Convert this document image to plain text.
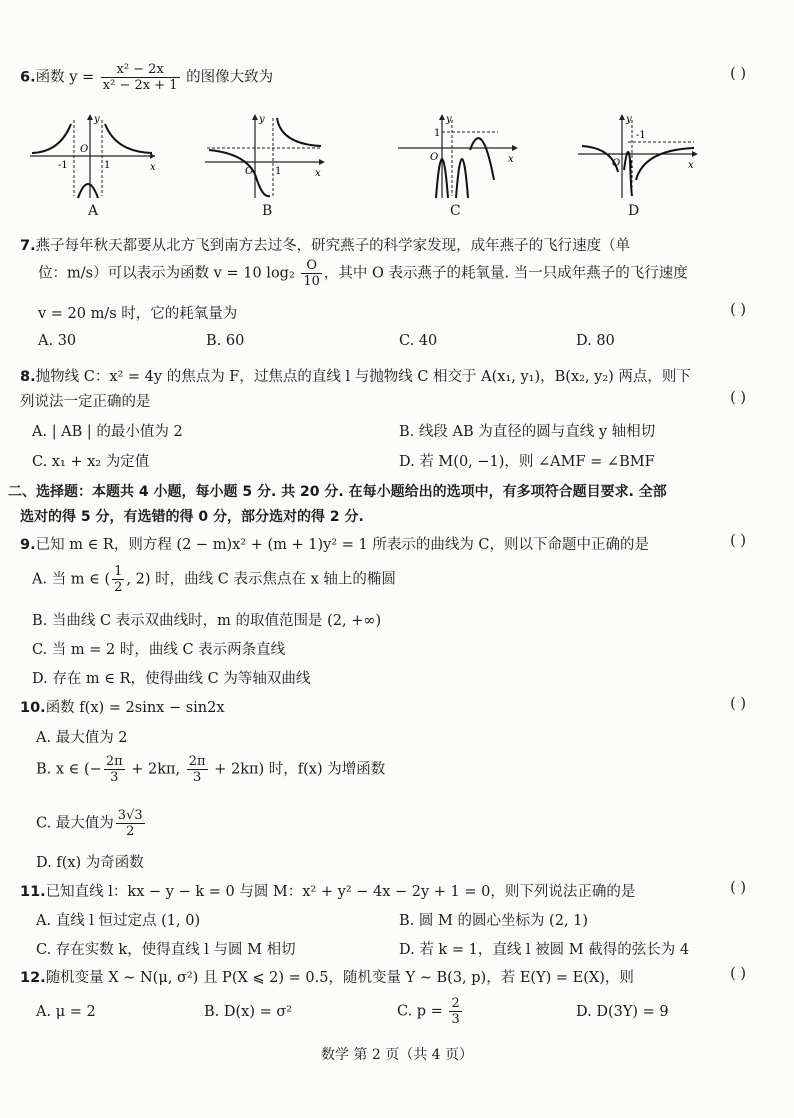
6.函数 $y = \frac{\text{x² − 2x}}{\text{x² − 2x + 1}}$ 的图像大致为	( )
y
x
O
-1	1
A
y
x
O 1
B
y
x
O
1
C
y
x
O
-1
1
D
7.燕子每年秋天都要从北方飞到南方去过冬，研究燕子的科学家发现，成年燕子的飞行速度（单
位：m/s）可以表示为函数 v = 10 $\log_2 \frac{O}{10}$ ，其中 O 表示燕子的耗氧量. 当一只成年燕子的飞行速度
v = 20 m/s 时，它的耗氧量为	( )
A. 30	B. 60	C. 40	D. 80
8.抛物线 C：x² = 4y 的焦点为 F，过焦点的直线 l 与抛物线 C 相交于 A(x₁, y₁)，B(x₂, y₂) 两点，则下
列说法一定正确的是	( )
A. | AB | 的最小值为 2	B. 线段 AB 为直径的圆与直线 y 轴相切
C. x₁ + x₂ 为定值	D. 若 M(0, −1)，则 ∠AMF = ∠BMF
二、选择题：本题共 4 小题，每小题 5 分. 共 20 分. 在每小题给出的选项中，有多项符合题目要求. 全部
选对的得 5 分，有选错的得 0 分，部分选对的得 2 分.
9.已知 m ∈ R，则方程 (2 − m)x² + (m + 1)y² = 1 所表示的曲线为 C，则以下命题中正确的是	( )
A. 当 m ∈ ( $\frac{1}{2}$ , 2) 时，曲线 C 表示焦点在 x 轴上的椭圆
B. 当曲线 C 表示双曲线时，m 的取值范围是 (2, +∞)
C. 当 m = 2 时，曲线 C 表示两条直线
D. 存在 m ∈ R，使得曲线 C 为等轴双曲线
10.函数 f(x) = 2sinx − sin2x	( )
A. 最大值为 2
B. x ∈ (− $\frac{2\pi}{3} + 2k\pi$, $\frac{2\pi}{3} + 2k\pi$) 时，f(x) 为增函数
C. 最大值为 $\frac{3√3}{2}$
D. f(x) 为奇函数
11.已知直线 l：kx − y − k = 0 与圆 M：x² + y² − 4x − 2y + 1 = 0，则下列说法正确的是	( )
A. 直线 l 恒过定点 (1, 0)	B. 圆 M 的圆心坐标为 (2, 1)
C. 存在实数 k，使得直线 l 与圆 M 相切	D. 若 k = 1，直线 l 被圆 M 截得的弦长为 4
12.随机变量 X ∼ N(μ, σ²) 且 P(X ⩽ 2) = 0.5，随机变量 Y ∼ B(3, p)，若 E(Y) = E(X)，则	( )
A. μ = 2	B. D(x) = σ²	C. $p = \frac{2}{3}$	D. D(3Y) = 9
数学 第 2 页（共 4 页）
